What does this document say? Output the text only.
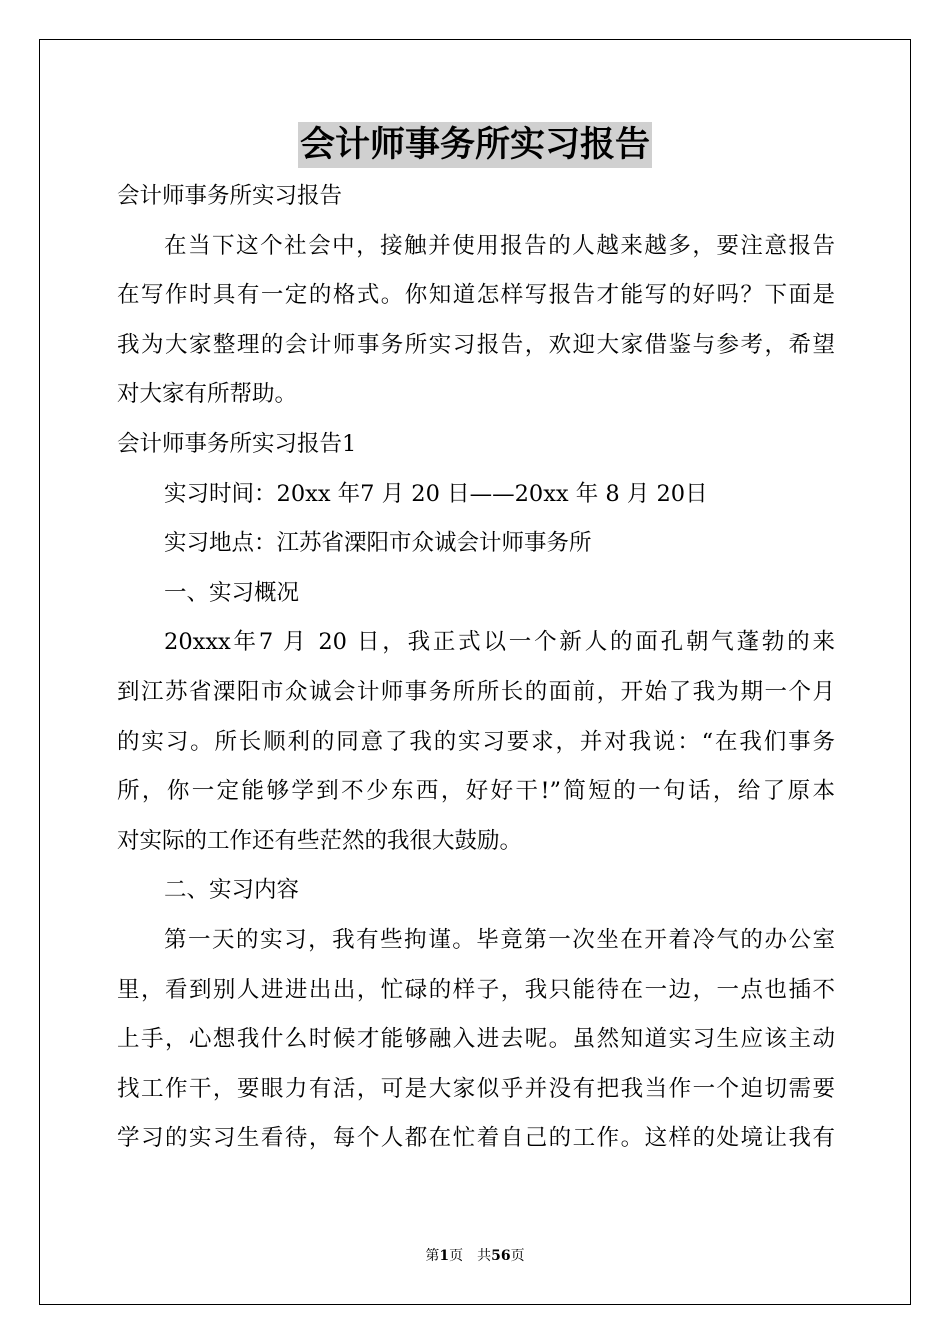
会计师事务所实习报告
会计师事务所实习报告
在当下这个社会中，接触并使用报告的人越来越多，要注意报告
在写作时具有一定的格式。你知道怎样写报告才能写的好吗？下面是
我为大家整理的会计师事务所实习报告，欢迎大家借鉴与参考，希望
对大家有所帮助。
会计师事务所实习报告1
实习时间：20xx 年7 月 20 日——20xx 年 8 月 20日
实习地点：江苏省溧阳市众诚会计师事务所
一、实习概况
20xxx年7 月 20 日，我正式以一个新人的面孔朝气蓬勃的来
到江苏省溧阳市众诚会计师事务所所长的面前，开始了我为期一个月
的实习。所长顺利的同意了我的实习要求，并对我说：“在我们事务
所，你一定能够学到不少东西，好好干!”简短的一句话，给了原本
对实际的工作还有些茫然的我很大鼓励。
二、实习内容
第一天的实习，我有些拘谨。毕竟第一次坐在开着冷气的办公室
里，看到别人进进出出，忙碌的样子，我只能待在一边，一点也插不
上手，心想我什么时候才能够融入进去呢。虽然知道实习生应该主动
找工作干，要眼力有活，可是大家似乎并没有把我当作一个迫切需要
学习的实习生看待，每个人都在忙着自己的工作。这样的处境让我有
第1页 共56页
